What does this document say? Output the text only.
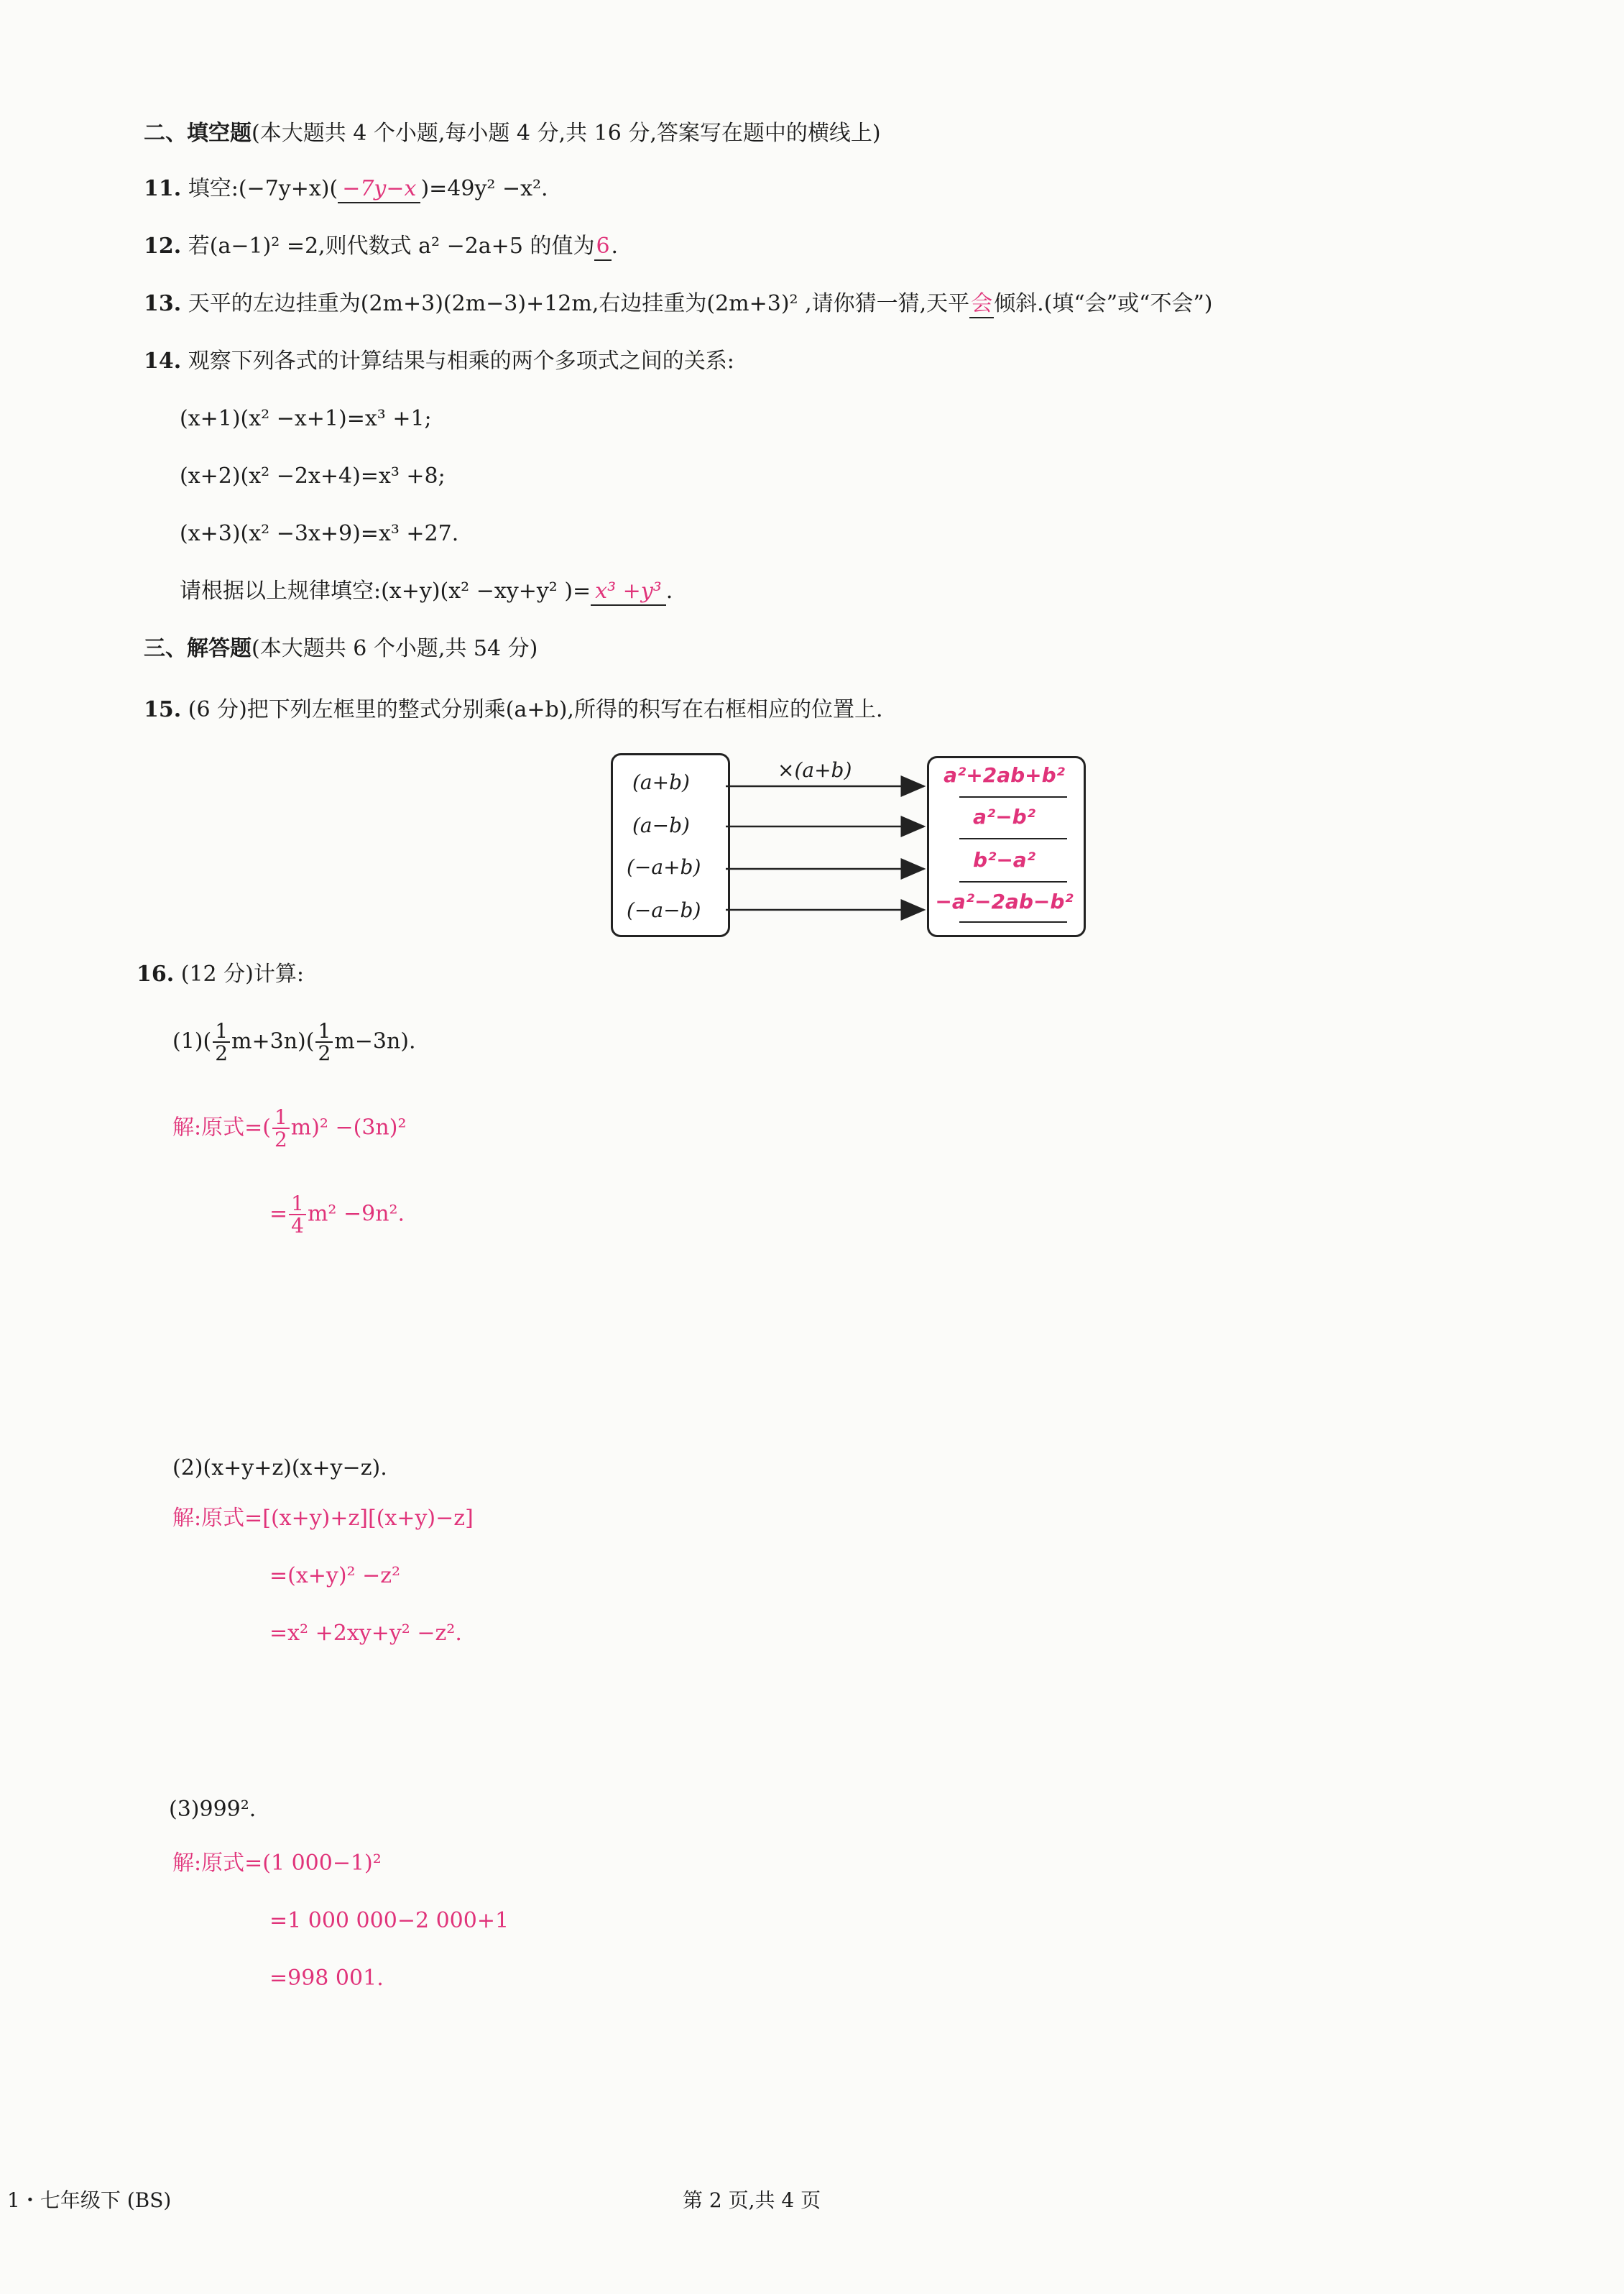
二、填空题(本大题共 4 个小题,每小题 4 分,共 16 分,答案写在题中的横线上)
11. 填空:(−7y+x)( −7y−x )=49y² −x².
12. 若(a−1)² =2,则代数式 a² −2a+5 的值为6.
13. 天平的左边挂重为(2m+3)(2m−3)+12m,右边挂重为(2m+3)² ,请你猜一猜,天平会倾斜.(填“会”或“不会”)
14. 观察下列各式的计算结果与相乘的两个多项式之间的关系:
(x+1)(x² −x+1)=x³ +1;
(x+2)(x² −2x+4)=x³ +8;
(x+3)(x² −3x+9)=x³ +27.
请根据以上规律填空:(x+y)(x² −xy+y² )= x³ +y³ .
三、解答题(本大题共 6 个小题,共 54 分)
15. (6 分)把下列左框里的整式分别乘(a+b),所得的积写在右框相应的位置上.
(a+b)
(a−b)
(−a+b)
(−a−b)
×(a+b)	a²+2ab+b²
a²−b²
b²−a²
−a²−2ab−b²
16. (12 分)计算:
$(1)( \frac{1}{2} m+3n)( \frac{1}{2} m-3n)$.
解:原式=( $\frac{1}{2} m)^2 -(3n)^2$
= $\frac{1}{4} m^2 -9n^2$.
(2)(x+y+z)(x+y−z).
解:原式=[(x+y)+z][(x+y)−z]
=(x+y)² −z²
=x² +2xy+y² −z².
(3)999².
解:原式=(1 000−1)²
=1 000 000−2 000+1
=998 001.
1・七年级下 (BS)	第 2 页,共 4 页
